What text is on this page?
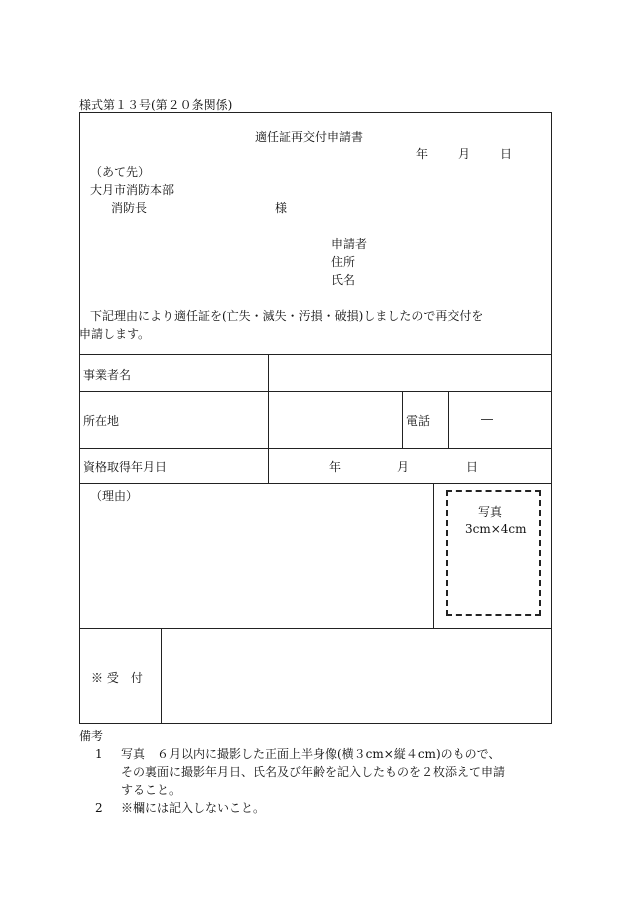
様式第１３号(第２０条関係)
適任証再交付申請書
年 月 日
（あて先）
大月市消防本部
消防長	様
申請者
住所
氏名
下記理由により適任証を(亡失・滅失・汚損・破損)しましたので再交付を
申請します。
事業者名
所在地	電話	―
資格取得年月日	年	月	日
（理由）
写真
3cm×4cm
※ 受　付
備考
1 写真　６月以内に撮影した正面上半身像(横３cm×縦４cm)のもので、
その裏面に撮影年月日、氏名及び年齢を記入したものを２枚添えて申請
すること。
2 ※欄には記入しないこと。
